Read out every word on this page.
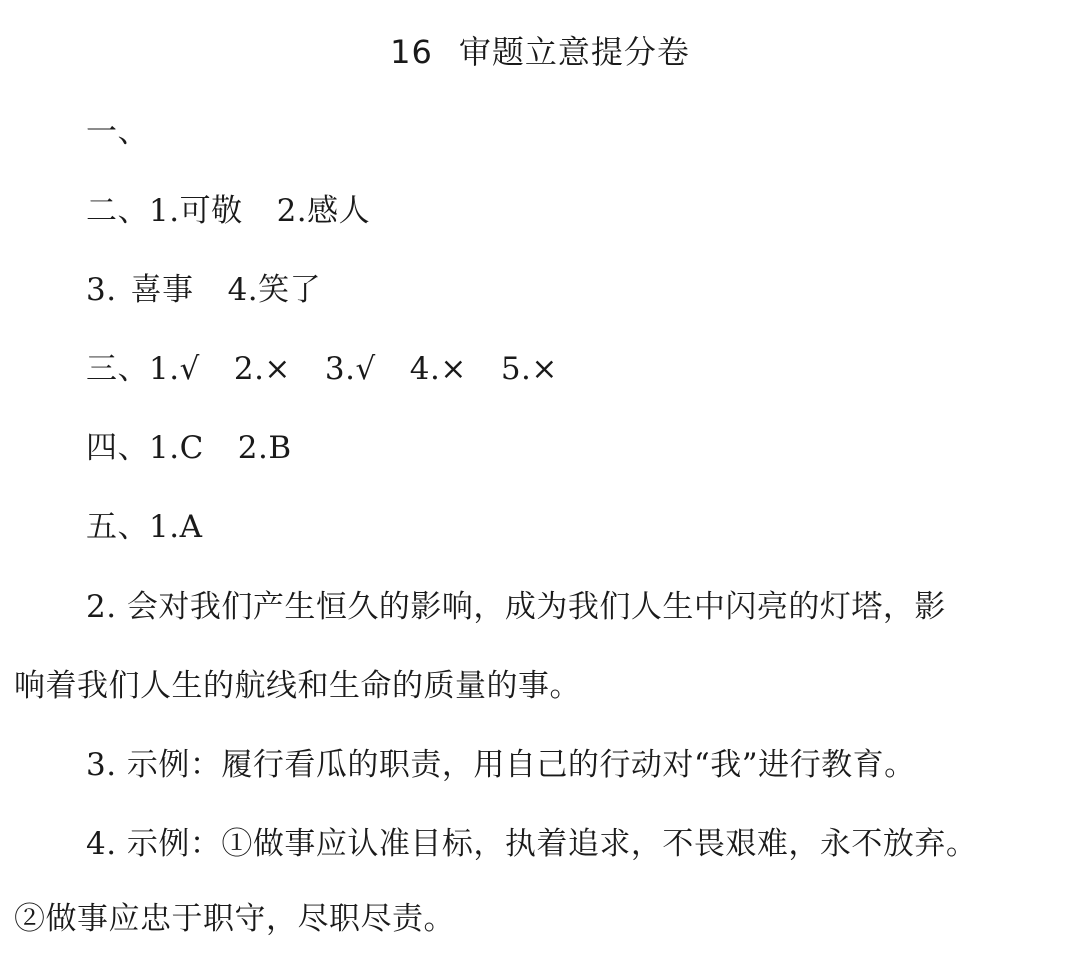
16 审题立意提分卷
一、
二、1.可敬 2.感人
3. 喜事 4.笑了
三、1.√ 2.× 3.√ 4.× 5.×
四、1.C 2.B
五、1.A
2. 会对我们产生恒久的影响，成为我们人生中闪亮的灯塔，影
响着我们人生的航线和生命的质量的事。
3. 示例：履行看瓜的职责，用自己的行动对“我”进行教育。
4. 示例：①做事应认准目标，执着追求，不畏艰难，永不放弃。
②做事应忠于职守，尽职尽责。
